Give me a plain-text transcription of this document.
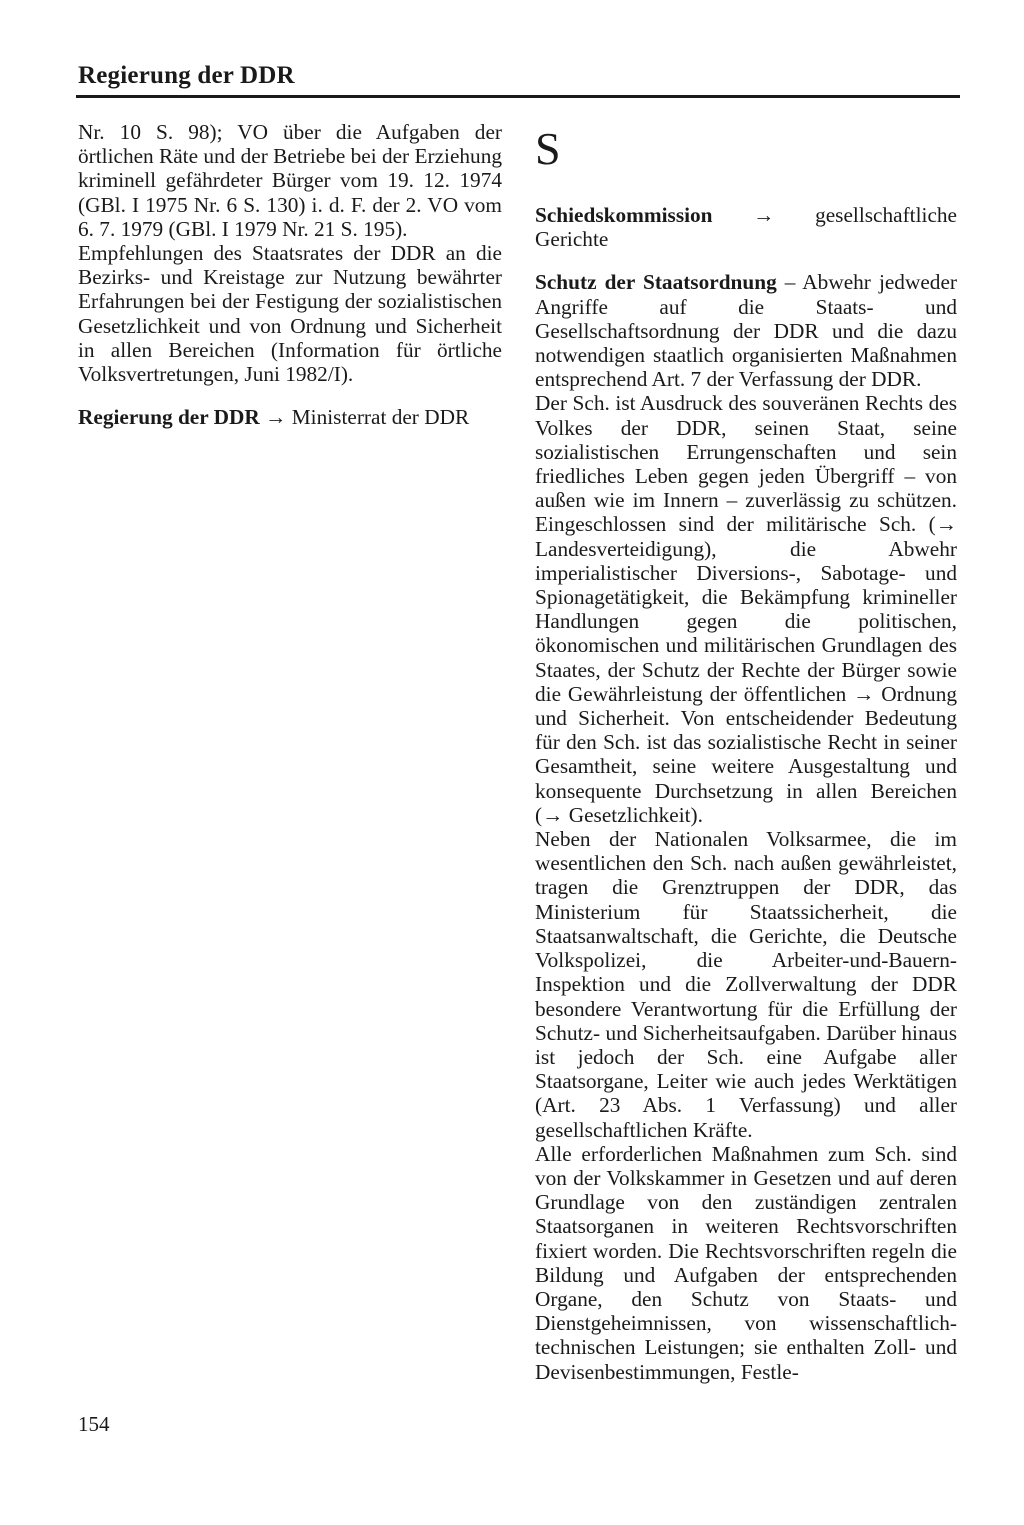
Regierung der DDR

Nr. 10 S. 98); VO über die Aufgaben der örtlichen Räte und der Betriebe bei der Erziehung kriminell gefährdeter Bürger vom 19. 12. 1974 (GBl. I 1975 Nr. 6 S. 130) i. d. F. der 2. VO vom 6. 7. 1979 (GBl. I 1979 Nr. 21 S. 195).

Empfehlungen des Staatsrates der DDR an die Bezirks- und Kreistage zur Nutzung bewährter Erfahrungen bei der Festigung der sozialistischen Gesetzlichkeit und von Ordnung und Sicherheit in allen Bereichen (Information für örtliche Volksvertretungen, Juni 1982/I).

Regierung der DDR → Ministerrat der DDR

S

Schiedskommission → gesellschaftliche Gerichte

Schutz der Staatsordnung – Abwehr jedweder Angriffe auf die Staats- und Gesellschaftsordnung der DDR und die dazu notwendigen staatlich organisierten Maßnahmen entsprechend Art. 7 der Verfassung der DDR.

Der Sch. ist Ausdruck des souveränen Rechts des Volkes der DDR, seinen Staat, seine sozialistischen Errungenschaften und sein friedliches Leben gegen jeden Übergriff – von außen wie im Innern – zuverlässig zu schützen. Eingeschlossen sind der militärische Sch. (→ Landesverteidigung), die Abwehr imperialistischer Diversions-, Sabotage- und Spionagetätigkeit, die Bekämpfung krimineller Handlungen gegen die politischen, ökonomischen und militärischen Grundlagen des Staates, der Schutz der Rechte der Bürger sowie die Gewährleistung der öffentlichen → Ordnung und Sicherheit. Von entscheidender Bedeutung für den Sch. ist das sozialistische Recht in seiner Gesamtheit, seine weitere Ausgestaltung und konsequente Durchsetzung in allen Bereichen (→ Gesetzlichkeit).

Neben der Nationalen Volksarmee, die im wesentlichen den Sch. nach außen gewährleistet, tragen die Grenztruppen der DDR, das Ministerium für Staatssicherheit, die Staatsanwaltschaft, die Gerichte, die Deutsche Volkspolizei, die Arbeiter-und-Bauern-Inspektion und die Zollverwaltung der DDR besondere Verantwortung für die Erfüllung der Schutz- und Sicherheitsaufgaben. Darüber hinaus ist jedoch der Sch. eine Aufgabe aller Staatsorgane, Leiter wie auch jedes Werktätigen (Art. 23 Abs. 1 Verfassung) und aller gesellschaftlichen Kräfte.

Alle erforderlichen Maßnahmen zum Sch. sind von der Volkskammer in Gesetzen und auf deren Grundlage von den zuständigen zentralen Staatsorganen in weiteren Rechtsvorschriften fixiert worden. Die Rechtsvorschriften regeln die Bildung und Aufgaben der entsprechenden Organe, den Schutz von Staats- und Dienstgeheimnissen, von wissenschaftlich-technischen Leistungen; sie enthalten Zoll- und Devisenbestimmungen, Festle-

154
